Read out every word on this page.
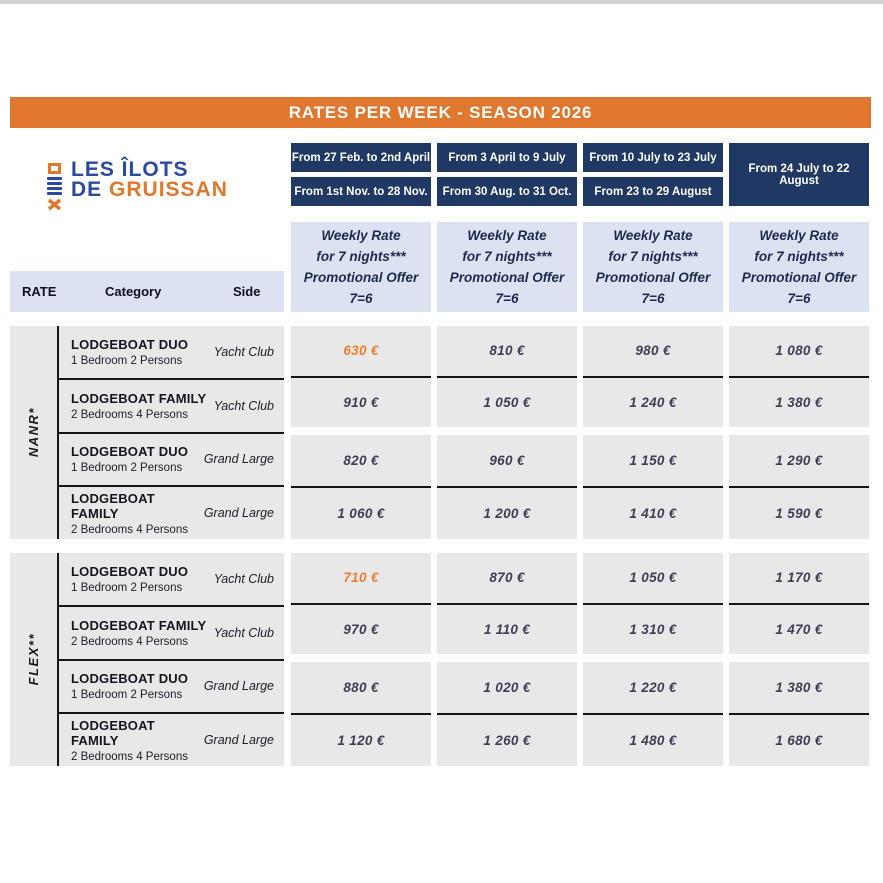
RATES PER WEEK - SEASON 2026
LES ÎLOTS
DE GRUISSAN
From 27 Feb. to 2nd April
From 1st Nov. to 28 Nov.
From 3 April to 9 July
From 30 Aug. to 31 Oct.
From 10 July to 23 July
From 23 to 29 August
From 24 July to 22 August
Weekly Rate
for 7 nights***
Promotional Offer
7=6
Weekly Rate
for 7 nights***
Promotional Offer
7=6
Weekly Rate
for 7 nights***
Promotional Offer
7=6
Weekly Rate
for 7 nights***
Promotional Offer
7=6
RATE	Category	Side
NANR*
LODGEBOAT DUO
1 Bedroom 2 Persons
Yacht Club
LODGEBOAT FAMILY
2 Bedrooms 4 Persons
Yacht Club
LODGEBOAT DUO
1 Bedroom 2 Persons
Grand Large
LODGEBOAT FAMILY
2 Bedrooms 4 Persons
Grand Large
630 €
910 €
820 €
1 060 €
810 €
1 050 €
960 €
1 200 €
980 €
1 240 €
1 150 €
1 410 €
1 080 €
1 380 €
1 290 €
1 590 €
FLEX**
LODGEBOAT DUO
1 Bedroom 2 Persons
Yacht Club
LODGEBOAT FAMILY
2 Bedrooms 4 Persons
Yacht Club
LODGEBOAT DUO
1 Bedroom 2 Persons
Grand Large
LODGEBOAT FAMILY
2 Bedrooms 4 Persons
Grand Large
710 €
970 €
880 €
1 120 €
870 €
1 110 €
1 020 €
1 260 €
1 050 €
1 310 €
1 220 €
1 480 €
1 170 €
1 470 €
1 380 €
1 680 €
